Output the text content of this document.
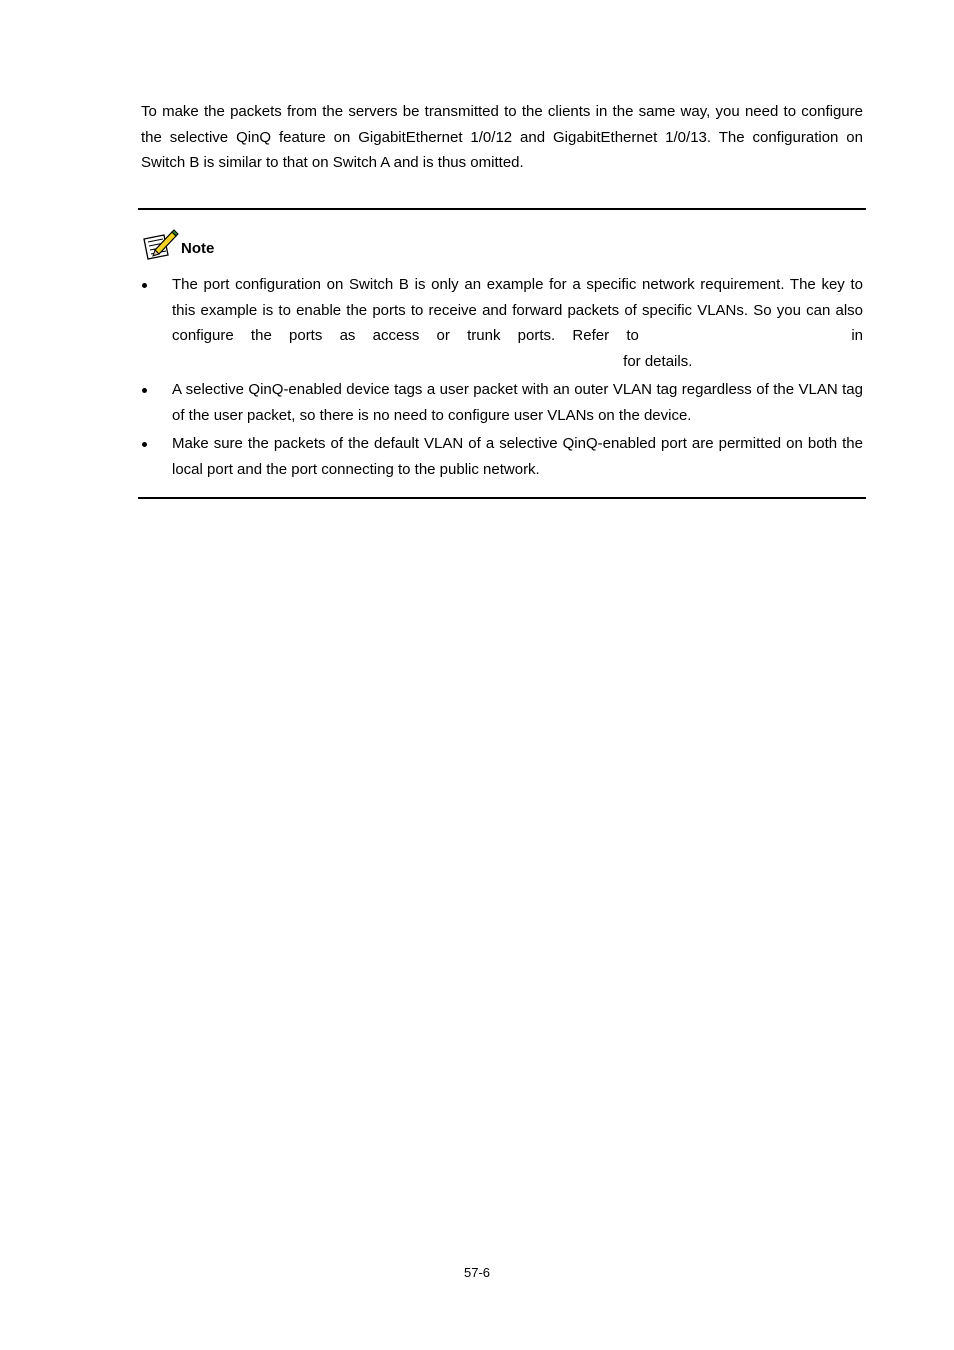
To make the packets from the servers be transmitted to the clients in the same way, you need to configure the selective QinQ feature on GigabitEthernet 1/0/12 and GigabitEthernet 1/0/13. The configuration on Switch B is similar to that on Switch A and is thus omitted.

Note
The port configuration on Switch B is only an example for a specific network requirement. The key to this example is to enable the ports to receive and forward packets of specific VLANs. So you can also configure the ports as access or trunk ports. Refer to	in  for details.
A selective QinQ-enabled device tags a user packet with an outer VLAN tag regardless of the VLAN tag of the user packet, so there is no need to configure user VLANs on the device.
Make sure the packets of the default VLAN of a selective QinQ-enabled port are permitted on both the local port and the port connecting to the public network.
57-6
